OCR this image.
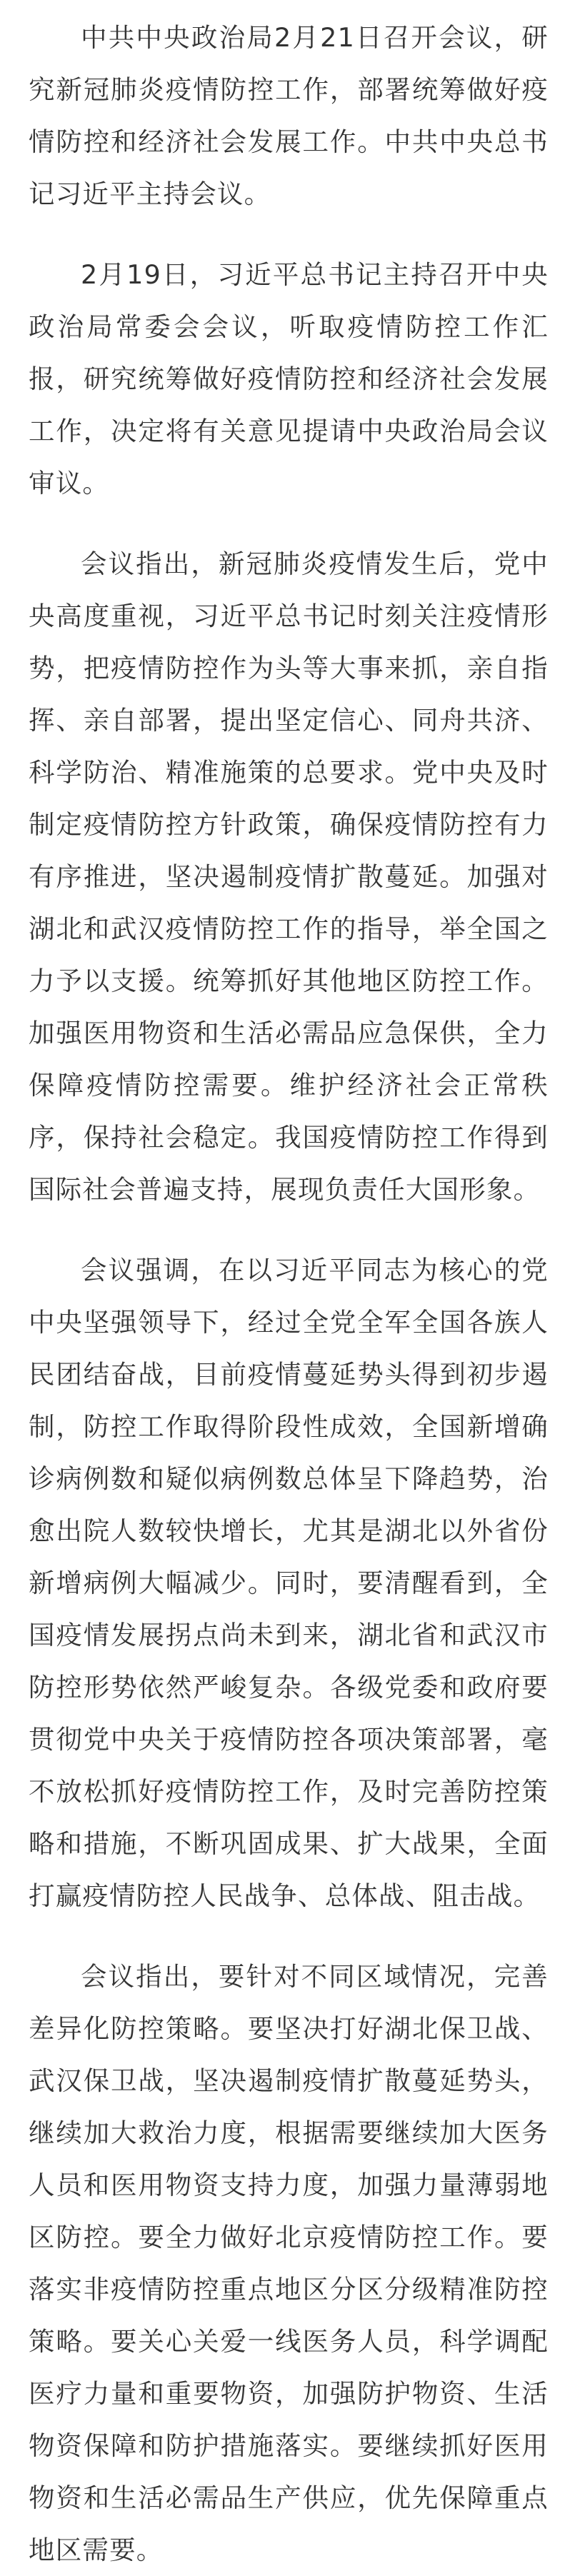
中共中央政治局2月21日召开会议，研究新冠肺炎疫情防控工作，部署统筹做好疫情防控和经济社会发展工作。中共中央总书记习近平主持会议。

2月19日，习近平总书记主持召开中央政治局常委会会议，听取疫情防控工作汇报，研究统筹做好疫情防控和经济社会发展工作，决定将有关意见提请中央政治局会议审议。

会议指出，新冠肺炎疫情发生后，党中央高度重视，习近平总书记时刻关注疫情形势，把疫情防控作为头等大事来抓，亲自指挥、亲自部署，提出坚定信心、同舟共济、科学防治、精准施策的总要求。党中央及时制定疫情防控方针政策，确保疫情防控有力有序推进，坚决遏制疫情扩散蔓延。加强对湖北和武汉疫情防控工作的指导，举全国之力予以支援。统筹抓好其他地区防控工作。加强医用物资和生活必需品应急保供，全力保障疫情防控需要。维护经济社会正常秩序，保持社会稳定。我国疫情防控工作得到国际社会普遍支持，展现负责任大国形象。

会议强调，在以习近平同志为核心的党中央坚强领导下，经过全党全军全国各族人民团结奋战，目前疫情蔓延势头得到初步遏制，防控工作取得阶段性成效，全国新增确诊病例数和疑似病例数总体呈下降趋势，治愈出院人数较快增长，尤其是湖北以外省份新增病例大幅减少。同时，要清醒看到，全国疫情发展拐点尚未到来，湖北省和武汉市防控形势依然严峻复杂。各级党委和政府要贯彻党中央关于疫情防控各项决策部署，毫不放松抓好疫情防控工作，及时完善防控策略和措施，不断巩固成果、扩大战果，全面打赢疫情防控人民战争、总体战、阻击战。

会议指出，要针对不同区域情况，完善差异化防控策略。要坚决打好湖北保卫战、武汉保卫战，坚决遏制疫情扩散蔓延势头，继续加大救治力度，根据需要继续加大医务人员和医用物资支持力度，加强力量薄弱地区防控。要全力做好北京疫情防控工作。要落实非疫情防控重点地区分区分级精准防控策略。要关心关爱一线医务人员，科学调配医疗力量和重要物资，加强防护物资、生活物资保障和防护措施落实。要继续抓好医用物资和生活必需品生产供应，优先保障重点地区需要。
